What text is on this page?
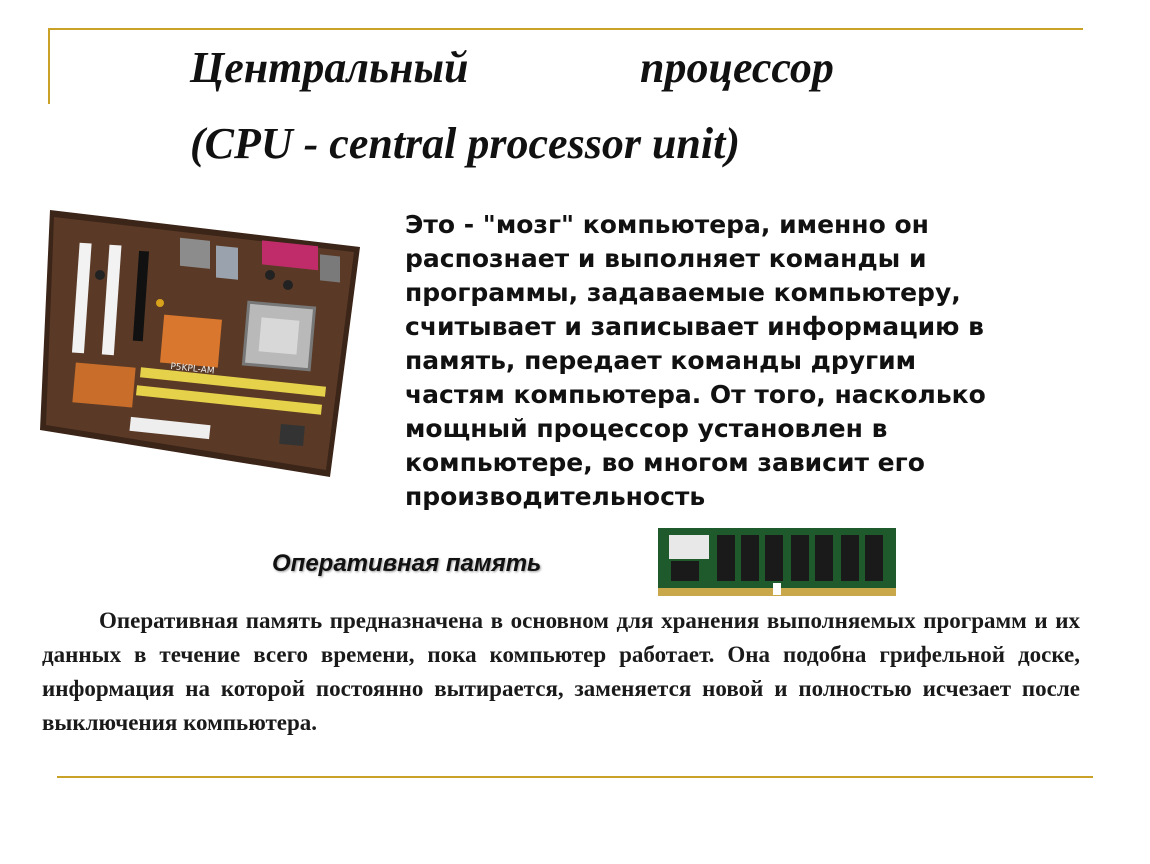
Центральный	процессор
(CPU - central processor unit)
P5KPL-AM
Это - "мозг" компьютера, именно он
распознает и выполняет команды и
программы, задаваемые компьютеру,
считывает и записывает информацию в
память, передает команды другим
частям компьютера. От того, насколько
мощный процессор установлен в
компьютере, во многом зависит его
производительность
Оперативная память
Оперативная память предназначена в основном для хранения выполняемых программ и их данных в течение всего времени, пока компьютер работает. Она подобна грифельной доске, информация на которой постоянно вытирается, заменяется новой и полностью исчезает после выключения компьютера.
